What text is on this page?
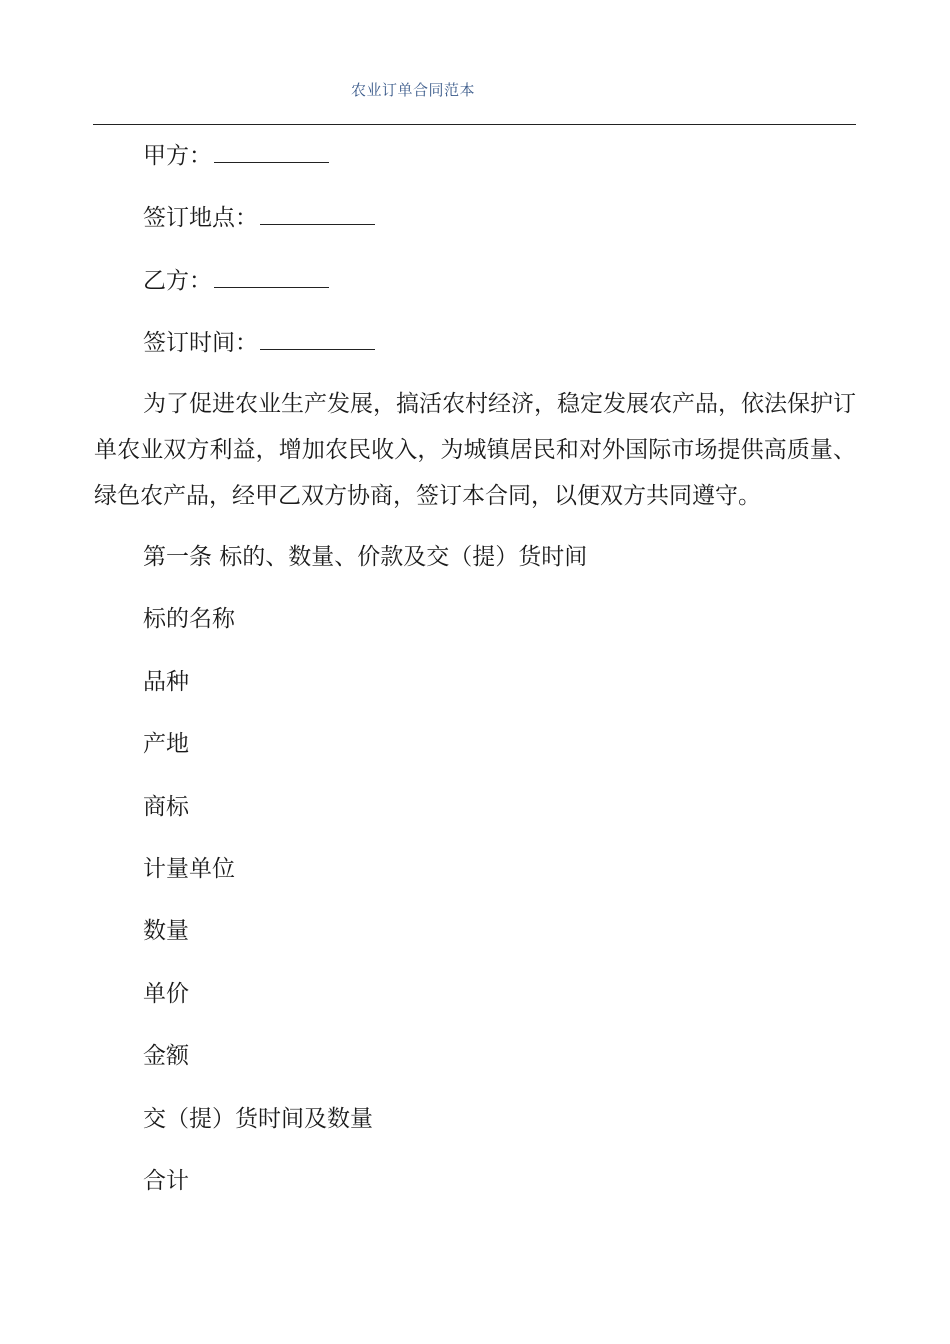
农业订单合同范本
甲方：
签订地点：
乙方：
签订时间：
为了促进农业生产发展，搞活农村经济，稳定发展农产品，依法保护订单农业双方利益，增加农民收入，为城镇居民和对外国际市场提供高质量、绿色农产品，经甲乙双方协商，签订本合同，以便双方共同遵守。
第一条 标的、数量、价款及交（提）货时间
标的名称
品种
产地
商标
计量单位
数量
单价
金额
交（提）货时间及数量
合计
